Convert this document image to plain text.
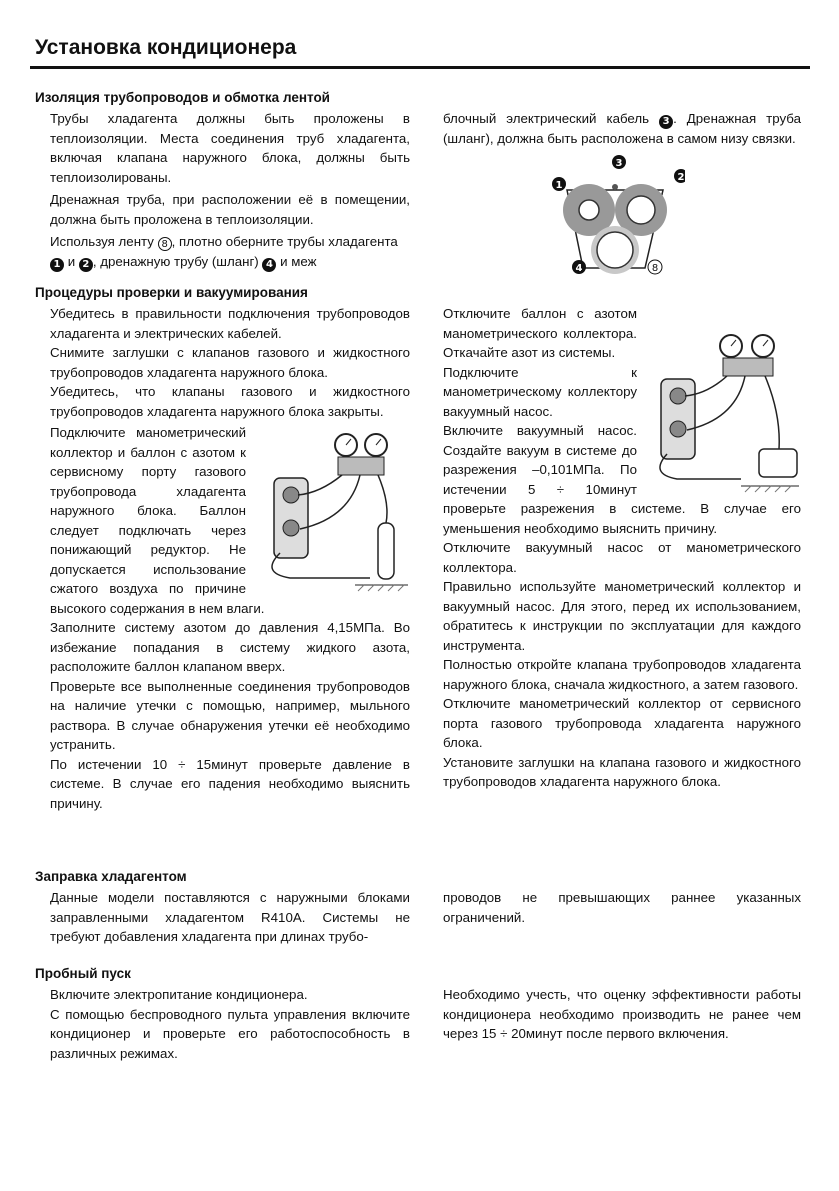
Установка кондиционера
Изоляция трубопроводов и обмотка лентой

Трубы хладагента должны быть проложены в теплоизоляции. Места соединения труб хладагента, включая клапана наружного блока, должны быть теплоизолированы.

Дренажная труба, при расположении её в помещении, должна быть проложена в теплоизоляции.

Используя ленту 8 , плотно оберните трубы хладагента 1 и 2 , дренажную трубу (шланг) 4 и меж

блочный электрический кабель 3 . Дренажная труба (шланг), должна быть расположена в самом низу связки.

3
1
2
4	8
Процедуры проверки и вакуумирования

Убедитесь в правильности подключения трубопроводов хладагента и электрических кабелей.

Снимите заглушки с клапанов газового и жидкостного трубопроводов хладагента наружного блока.

Убедитесь, что клапаны газового и жидкостного трубопроводов хладагента наружного блока закрыты.

Подключите манометрический коллектор и баллон с азотом к сервисному порту газового трубопровода хладагента наружного блока. Баллон следует подключать через понижающий редуктор. Не допускается использование сжатого воздуха по причине высокого содержания в нем влаги.

Заполните систему азотом до давления 4,15МПа. Во избежание попадания в систему жидкого азота, расположите баллон клапаном вверх.

Проверьте все выполненные соединения трубопроводов на наличие утечки с помощью, например, мыльного раствора. В случае обнаружения утечки её необходимо устранить.

По истечении 10 ÷ 15минут проверьте давление в системе. В случае его падения необходимо выяснить причину.

Отключите баллон с азотом манометрического коллектора. Откачайте азот из системы.

Подключите к манометрическому коллектору вакуумный насос.

Включите вакуумный насос. Создайте вакуум в системе до разрежения –0,101МПа. По истечении 5 ÷ 10минут проверьте разрежения в системе. В случае его уменьшения необходимо выяснить причину.

Отключите вакуумный насос от манометрического коллектора.

Правильно используйте манометрический коллектор и вакуумный насос. Для этого, перед их использованием, обратитесь к инструкции по эксплуатации для каждого инструмента.

Полностью откройте клапана трубопроводов хладагента наружного блока, сначала жидкостного, а затем газового.

Отключите манометрический коллектор от сервисного порта газового трубопровода хладагента наружного блока.

Установите заглушки на клапана газового и жидкостного трубопроводов хладагента наружного блока.

Заправка хладагентом

Данные модели поставляются с наружными блоками заправленными хладагентом R410A. Системы не требуют добавления хладагента при длинах трубо-

проводов не превышающих раннее указанных ограничений.

Пробный пуск

Включите электропитание кондиционера.

С помощью беспроводного пульта управления включите кондиционер и проверьте его работоспособность в различных режимах.

Необходимо учесть, что оценку эффективности работы кондиционера необходимо производить не ранее чем через 15 ÷ 20минут после первого включения.
